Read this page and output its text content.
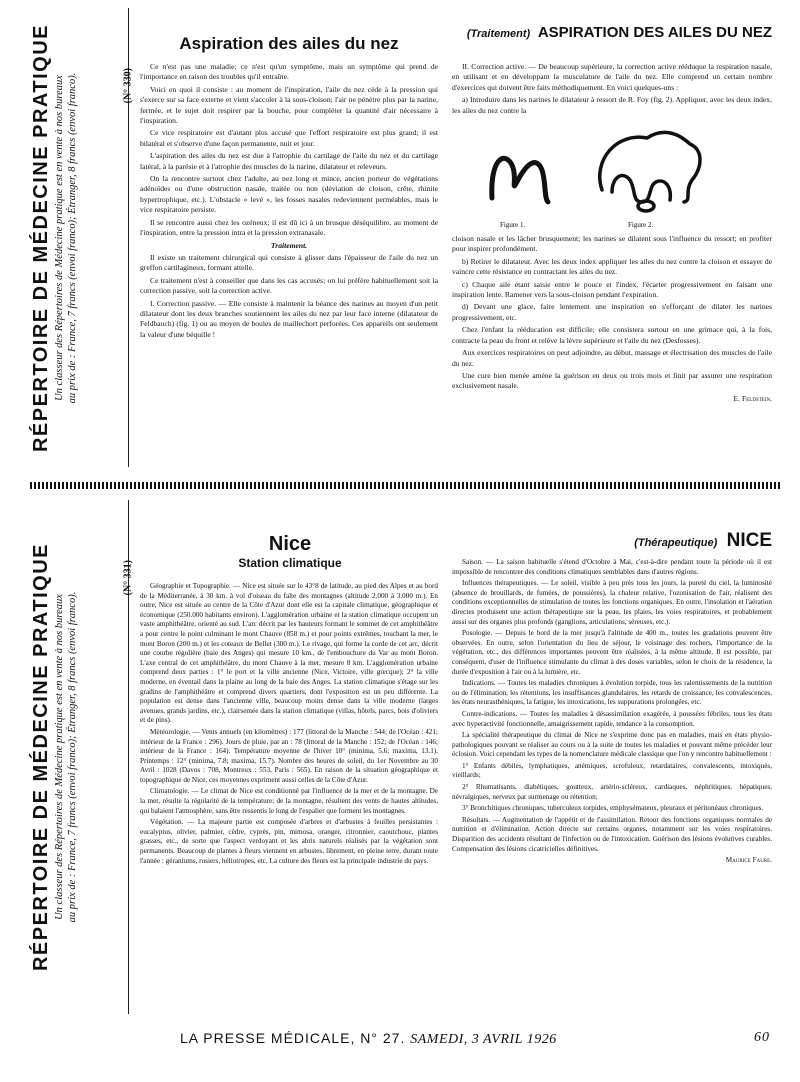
RÉPERTOIRE DE MÉDECINE PRATIQUE Un classeur des Répertoires de Médecine pratique est en vente à nos bureaux au prix de : France, 7 francs (envoi franco); Étranger, 8 francs (envoi franco).	(N° 330)
Aspiration des ailes du nez	(Traitement) ASPIRATION DES AILES DU NEZ

Ce n'est pas une maladie; ce n'est qu'un symptôme, mais un symptôme qui prend de l'importance en raison des troubles qu'il entraîne.

Voici en quoi il consiste : au moment de l'inspiration, l'aile du nez cède à la pression qui s'exerce sur sa face externe et vient s'accoler à la sous-cloison; l'air ne pénètre plus par la narine, fermée, et le sujet doit respirer par la bouche, pour compléter la quantité d'air nécessaire à l'inspiration.

Ce vice respiratoire est d'autant plus accusé que l'effort respiratoire est plus grand; il est bilatéral et s'observe d'une façon permanente, nuit et jour.

L'aspiration des ailes du nez est due à l'atrophie du cartilage de l'aile du nez et du cartilage latéral, à la parésie et à l'atrophie des muscles de la narine, dilatateur et releveurs.

On la rencontre surtout chez l'adulte, au nez long et mince, ancien porteur de végétations adénoïdes ou d'une obstruction nasale, traitée ou non (déviation de cloison, crête, rhinite hypertrophique, etc.). L'obstacle « levé », les fosses nasales redeviennent perméables, mais le vice respiratoire persiste.

Il se rencontre aussi chez les ozéneux; il est dû ici à un brusque déséquilibre, au moment de l'inspiration, entre la pression intra et la pression extranasale.

Traitement.

Il existe un traitement chirurgical qui consiste à glisser dans l'épaisseur de l'aile du nez un greffon cartilagineux, formant attelle.

Ce traitement n'est à conseiller que dans les cas accusés; on lui préfère habituellement soit la correction passive, soit la correction active.

I. Correction passive. — Elle consiste à maintenir la béance des narines au moyen d'un petit dilatateur dont les deux branches soutiennent les ailes du nez par leur face interne (dilatateur de Feldbauch) (fig. 1) ou au moyen de boules de maillechort perforées. Ces appareils ont seulement la valeur d'une béquille !

II. Correction active. — De beaucoup supérieure, la correction active rééduque la respiration nasale, en utilisant et en développant la musculature de l'aile du nez. Elle comprend un certain nombre d'exercices qui doivent être faits méthodiquement. En voici quelques-uns :

a) Introduire dans les narines le dilatateur à ressort de R. Foy (fig. 2). Appliquer, avec les deux index, les ailes du nez contre la

Figure 1.	Figure 2.

cloison nasale et les lâcher brusquement; les narines se dilatent sous l'influence du ressort; en profiter pour inspirer profondément.

b) Retirer le dilatateur. Avec les deux index appliquer les ailes du nez contre la cloison et essayer de vaincre cette résistance en contractant les ailes du nez.

c) Chaque aile étant saisie entre le pouce et l'index, l'écarter progressivement en faisant une inspiration lente. Ramener vers la sous-cloison pendant l'expiration.

d) Devant une glace, faire lentement une inspiration en s'efforçant de dilater les narines progressivement, etc.

Chez l'enfant la rééducation est difficile; elle consistera surtout en une grimace qui, à la fois, contracte la peau du front et relève la lèvre supérieure et l'aile du nez (Desfosses).

Aux exercices respiratoires on peut adjoindre, au début, massage et électrisation des muscles de l'aile du nez.

Une cure bien menée amène la guérison en deux ou trois mois et finit par assurer une respiration exclusivement nasale.

E. Feldstein.

RÉPERTOIRE DE MÉDECINE PRATIQUE Un classeur des Répertoires de Médecine pratique est en vente à nos bureaux au prix de : France, 7 francs (envoi franco); Étranger, 8 francs (envoi franco).
(N° 331)
Nice
Station climatique
(Thérapeutique) NICE

Géographie et Topographie. — Nice est située sur le 43°8 de latitude, au pied des Alpes et au bord de la Méditerranée, à 30 km. à vol d'oiseau du faîte des montagnes (altitude 2.000 à 3.000 m.). En outre, Nice est située au centre de la Côte d'Azur dont elle est la capitale climatique, géographique et économique (250.000 habitants environ). L'agglomération urbaine et la station climatique occupent un vaste amphithéâtre, orienté au sud. L'arc décrit par les hauteurs formant le sommet de cet amphithéâtre a pour centre le point culminant le mont Chauve (858 m.) et pour points extrêmes, touchant la mer, le mont Boron (200 m.) et les coteaux de Bellet (300 m.). Le rivage, qui forme la corde de cet arc, décrit une courbe régulière (baie des Anges) qui mesure 10 km., de l'embouchure du Var au mont Boron. L'axe central de cet amphithéâtre, du mont Chauve à la mer, mesure 8 km. L'agglomération urbaine comprend deux parties : 1° le port et la ville ancienne (Nice, Victoire, ville grecque); 2° la ville moderne, en éventail dans la plaine au long de la baie des Anges. La station climatique s'étage sur les gradins de l'amphithéâtre et comprend divers quartiers, dont l'exposition est un peu différente. La population est dense dans l'ancienne ville, beaucoup moins dense dans la ville moderne (larges avenues, grands jardins, etc.), clairsemée dans la station climatique (villas, hôtels, parcs, bois d'oliviers et de pins).

Météorologie. — Vents annuels (en kilomètres) : 177 (littoral de la Manche : 544; de l'Océan : 421; intérieur de la France : 296). Jours de pluie, par an : 78 (littoral de la Manche : 152; de l'Océan : 146; intérieur de la France : 164). Température moyenne de l'hiver 10° (minima, 5.6; maxima, 13.1). Printemps : 12° (minima, 7.8; maxima, 15.7). Nombre des heures de soleil, du 1er Novembre au 30 Avril : 1028 (Davos : 708, Montreux : 553, Paris : 565). En raison de la situation géographique et topographique de Nice, ces moyennes expriment aussi celles de la Côte d'Azur.

Climatologie. — Le climat de Nice est conditionné par l'influence de la mer et de la montagne. De la mer, résulte la régularité de la température; de la montagne, résultent des vents de hautes altitudes, qui balaient l'atmosphère, sans être ressentis le long de l'espalier que forment les montagnes.

Végétation. — La majeure partie est composée d'arbres et d'arbustes à feuilles persistantes : eucalyptus, olivier, palmier, cèdre, cyprès, pin, mimosa, oranger, citronnier, caoutchouc, plantes grasses, etc., de sorte que l'aspect verdoyant et les abris naturels réalisés par la végétation sont permanents. Beaucoup de plantes à fleurs viennent en arbustes, librement, en pleine terre, durant toute l'année : géraniums, rosiers, héliotropes, etc. La culture des fleurs est la principale industrie du pays.

Saison. — La saison habituelle s'étend d'Octobre à Mai, c'est-à-dire pendant toute la période où il est impossible de rencontrer des conditions climatiques semblables dans d'autres régions.

Influences thérapeutiques. — Le soleil, visible à peu près tous les jours, la pureté du ciel, la luminosité (absence de brouillards, de fumées, de poussières), la chaleur relative, l'ozonisation de l'air, réalisent des conditions exceptionnelles de stimulation de toutes les fonctions organiques. En outre, l'insolation et l'aération directes produisent une action thérapeutique sur la peau, les plaies, les voies respiratoires, et probablement aussi sur des organes plus profonds (ganglions, articulations, séreuses, etc.).

Posologie. — Depuis le bord de la mer jusqu'à l'altitude de 400 m., toutes les gradations peuvent être observées. En outre, selon l'orientation du lieu de séjour, le voisinage des rochers, l'importance de la végétation, etc., des différences importantes peuvent être réalisées, à la même altitude. Il est possible, par conséquent, d'user de l'influence stimulante du climat à des doses variables, selon le choix de la résidence, la durée d'exposition à l'air ou à la lumière, etc.

Indications. — Toutes les maladies chroniques à évolution torpide, tous les ralentissements de la nutrition ou de l'élimination, les rétentions, les insuffisances glandulaires, les retards de croissance, les convalescences, les états neurasthéniques, la fatigue, les intoxications, les suppurations prolongées, etc.

Contre-indications. — Toutes les maladies à désassimilation exagérée, à poussées fébriles, tous les états avec hyperactivité fonctionnelle, amaigrissement rapide, tendance à la consomption.

La spécialité thérapeutique du climat de Nice ne s'exprime donc pas en maladies, mais en états physio-pathologiques pouvant se réaliser au cours ou à la suite de toutes les maladies et pouvant même précéder leur éclosion. Voici cependant les types de la nomenclature médicale classique que l'on y rencontre habituellement :

1° Enfants débiles, lymphatiques, anémiques, scrofuleux, retardataires, convalescents, intoxiqués, vieillards;

2° Rhumatisants, diabétiques, goutteux, artério-scléreux, cardiaques, néphritiques, hépatiques, névralgiques, nerveux par surmenage ou rétention;

3° Bronchitiques chroniques, tuberculeux torpides, emphysémateux, pleuraux et péritonéaux chroniques.

Résultats. — Augmentation de l'appétit et de l'assimilation. Retour des fonctions organiques normales de nutrition et d'élimination. Action directe sur certains organes, notamment sur les voies respiratoires. Disparition des accidents résultant de l'infection ou de l'intoxication. Guérison des lésions évolutives curables. Compensation des lésions cicatricielles définitives.

Maurice Faure.

LA PRESSE MÉDICALE, N° 27. SAMEDI, 3 AVRIL 1926	60
